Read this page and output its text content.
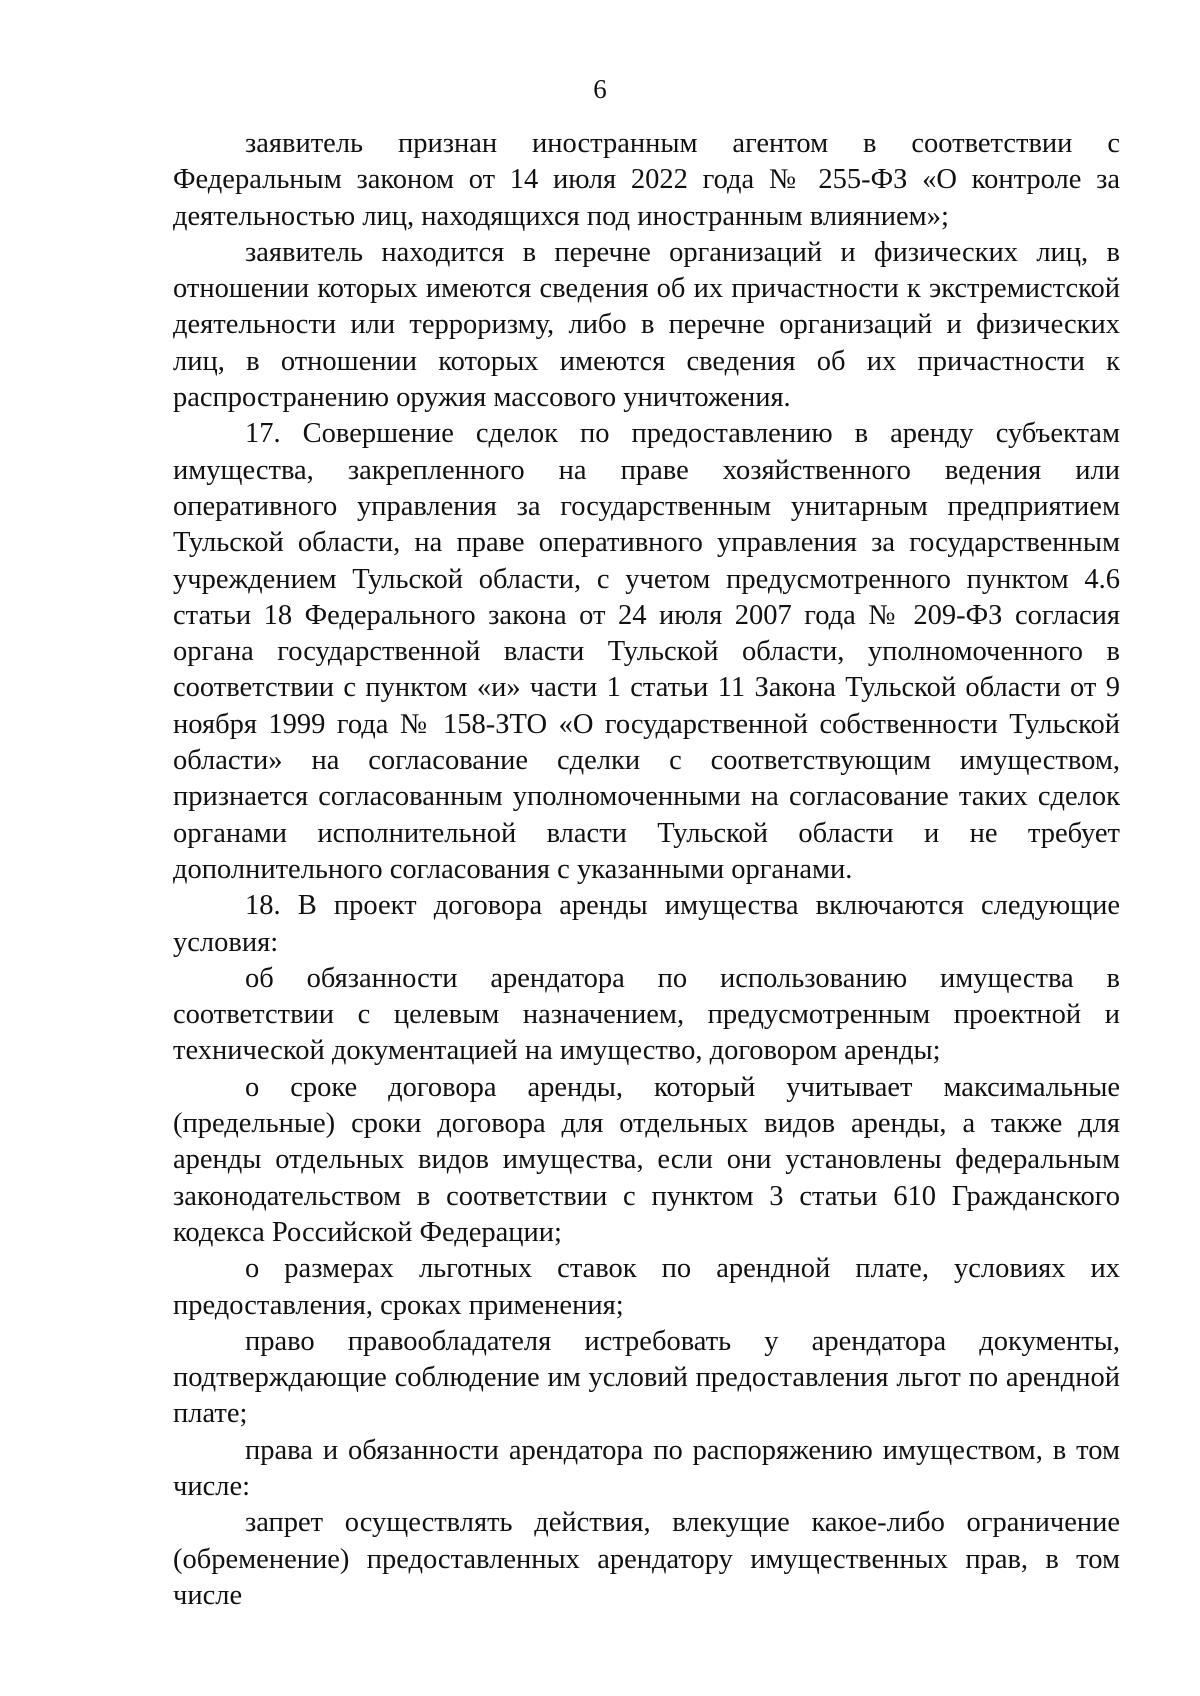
6

заявитель признан иностранным агентом в соответствии с Федеральным законом от 14 июля 2022 года № 255-ФЗ «О контроле за деятельностью лиц, находящихся под иностранным влиянием»;

заявитель находится в перечне организаций и физических лиц, в отношении которых имеются сведения об их причастности к экстремистской деятельности или терроризму, либо в перечне организаций и физических лиц, в отношении которых имеются сведения об их причастности к распространению оружия массового уничтожения.

17. Совершение сделок по предоставлению в аренду субъектам имущества, закрепленного на праве хозяйственного ведения или оперативного управления за государственным унитарным предприятием Тульской области, на праве оперативного управления за государственным учреждением Тульской области, с учетом предусмотренного пунктом 4.6 статьи 18 Федерального закона от 24 июля 2007 года № 209-ФЗ согласия органа государственной власти Тульской области, уполномоченного в соответствии с пунктом «и» части 1 статьи 11 Закона Тульской области от 9 ноября 1999 года № 158-ЗТО «О государственной собственности Тульской области» на согласование сделки с соответствующим имуществом, признается согласованным уполномоченными на согласование таких сделок органами исполнительной власти Тульской области и не требует дополнительного согласования с указанными органами.

18. В проект договора аренды имущества включаются следующие условия:

об обязанности арендатора по использованию имущества в соответствии с целевым назначением, предусмотренным проектной и технической документацией на имущество, договором аренды;

о сроке договора аренды, который учитывает максимальные (предельные) сроки договора для отдельных видов аренды, а также для аренды отдельных видов имущества, если они установлены федеральным законодательством в соответствии с пунктом 3 статьи 610 Гражданского кодекса Российской Федерации;

о размерах льготных ставок по арендной плате, условиях их предоставления, сроках применения;

право правообладателя истребовать у арендатора документы, подтверждающие соблюдение им условий предоставления льгот по арендной плате;

права и обязанности арендатора по распоряжению имуществом, в том числе:

запрет осуществлять действия, влекущие какое-либо ограничение (обременение) предоставленных арендатору имущественных прав, в том числе
